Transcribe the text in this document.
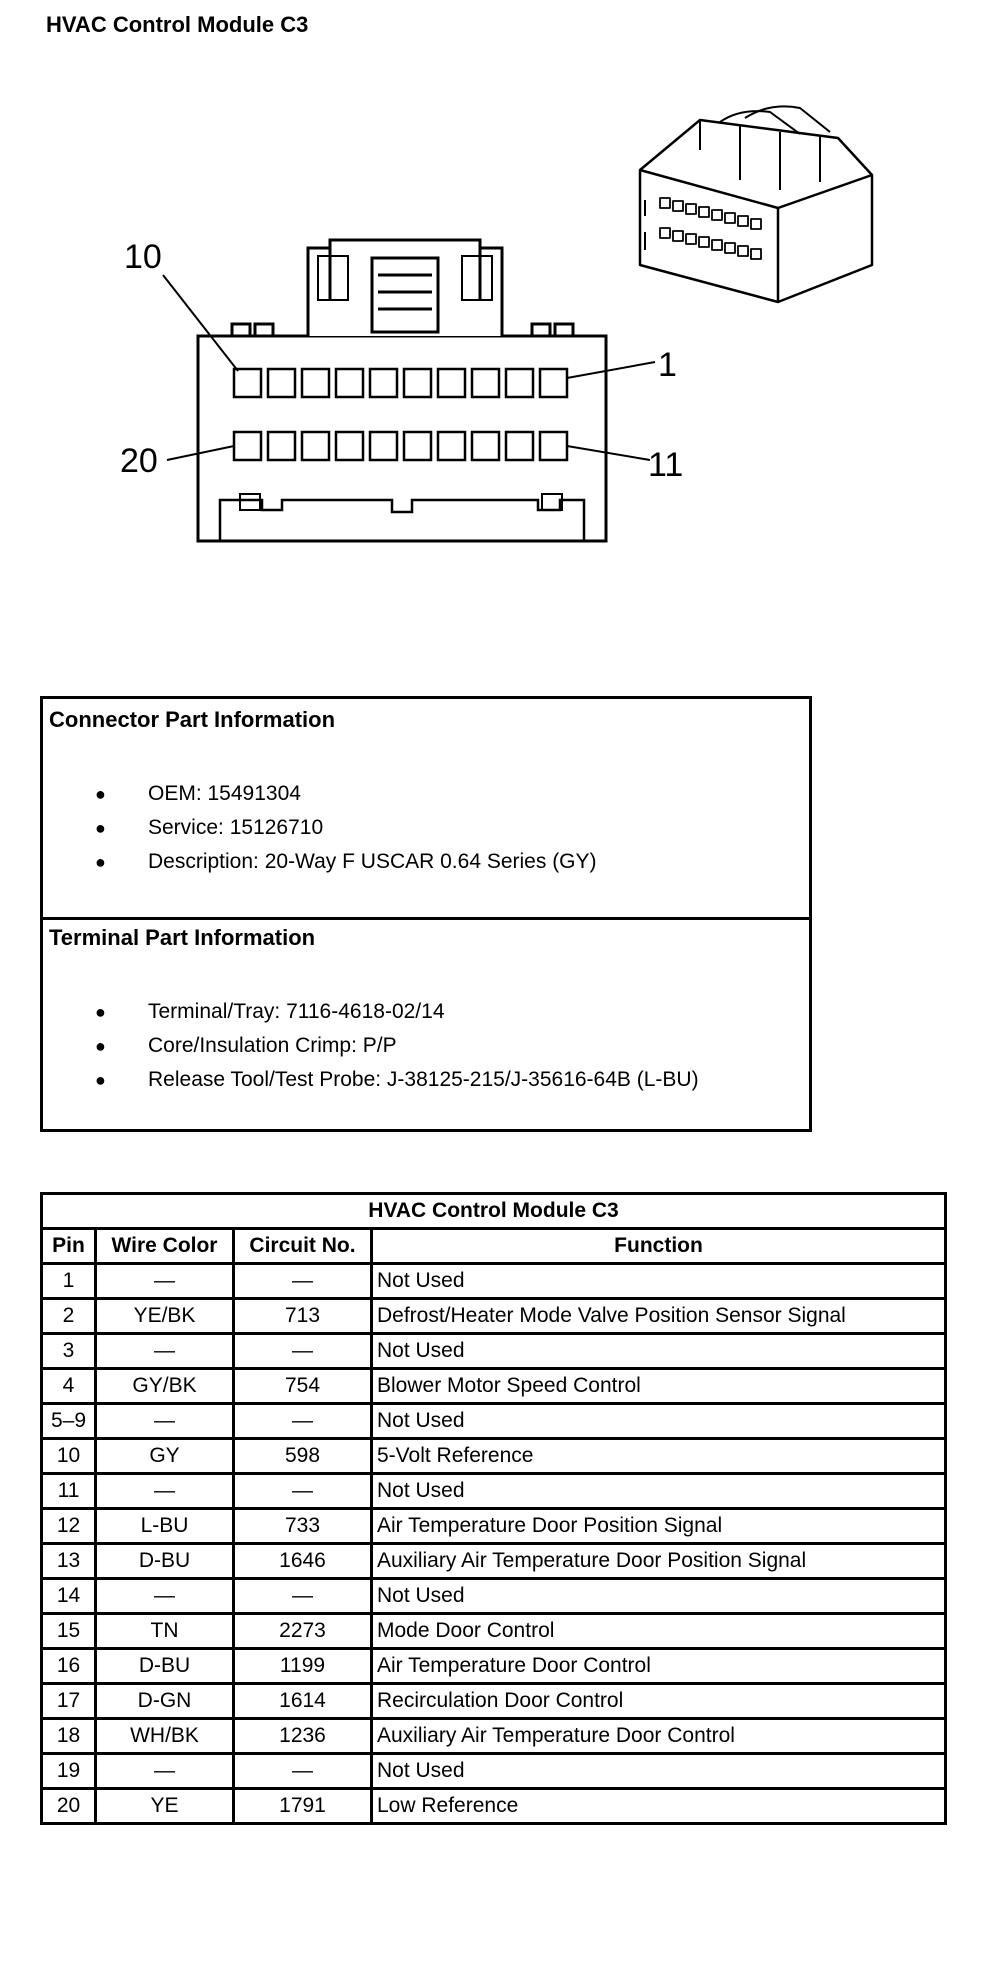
HVAC Control Module C3
10
1
20	11
Connector Part Information
● OEM: 15491304
● Service: 15126710
● Description: 20-Way F USCAR 0.64 Series (GY)
Terminal Part Information
● Terminal/Tray: 7116-4618-02/14
● Core/Insulation Crimp: P/P
● Release Tool/Test Probe: J-38125-215/J-35616-64B (L-BU)
HVAC Control Module C3			
Pin	Wire Color	Circuit No.	Function
1	—	—	Not Used
2	YE/BK	713	Defrost/Heater Mode Valve Position Sensor Signal
3	—	—	Not Used
4	GY/BK	754	Blower Motor Speed Control
5–9	—	—	Not Used
10	GY	598	5-Volt Reference
11	—	—	Not Used
12	L-BU	733	Air Temperature Door Position Signal
13	D-BU	1646	Auxiliary Air Temperature Door Position Signal
14	—	—	Not Used
15	TN	2273	Mode Door Control
16	D-BU	1199	Air Temperature Door Control
17	D-GN	1614	Recirculation Door Control
18	WH/BK	1236	Auxiliary Air Temperature Door Control
19	—	—	Not Used
20	YE	1791	Low Reference
